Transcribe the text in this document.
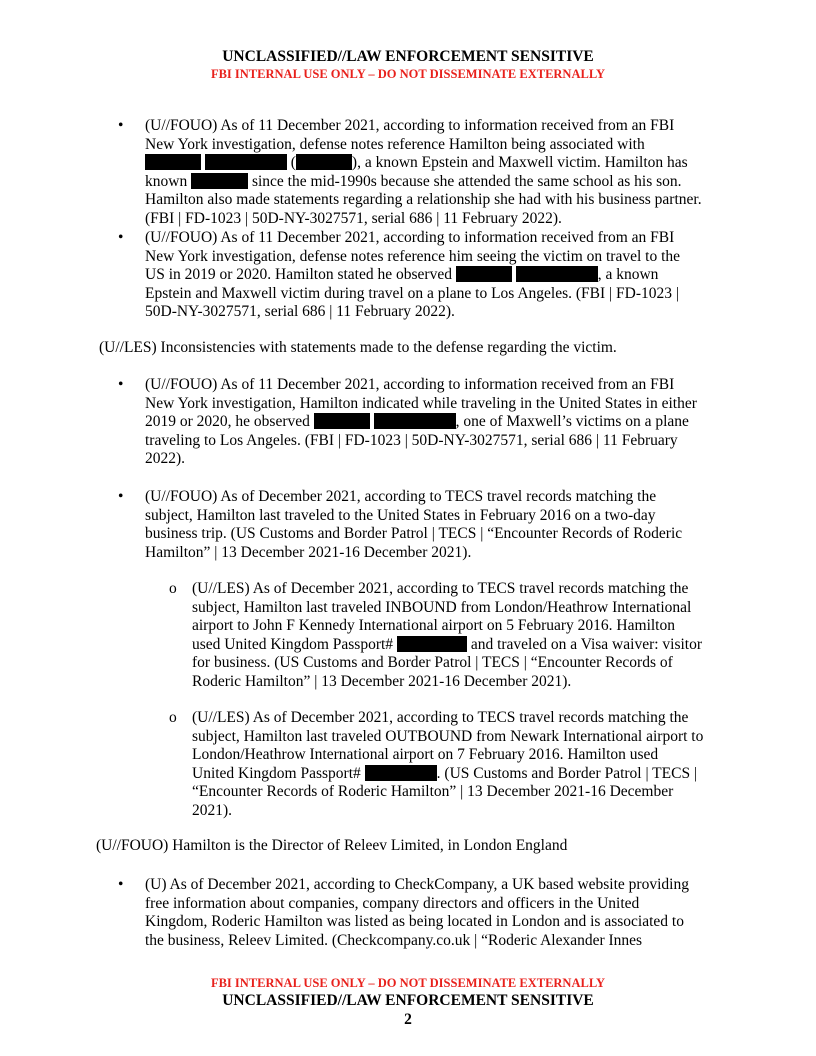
UNCLASSIFIED//LAW ENFORCEMENT SENSITIVE
FBI INTERNAL USE ONLY – DO NOT DISSEMINATE EXTERNALLY
• (U//FOUO) As of 11 December 2021, according to information received from an FBI
New York investigation, defense notes reference Hamilton being associated with
(	), a known Epstein and Maxwell victim. Hamilton has
known	since the mid-1990s because she attended the same school as his son.
Hamilton also made statements regarding a relationship she had with his business partner.
(FBI | FD-1023 | 50D-NY-3027571, serial 686 | 11 February 2022).
• (U//FOUO) As of 11 December 2021, according to information received from an FBI
New York investigation, defense notes reference him seeing the victim on travel to the
US in 2019 or 2020. Hamilton stated he observed	, a known
Epstein and Maxwell victim during travel on a plane to Los Angeles. (FBI | FD-1023 |
50D-NY-3027571, serial 686 | 11 February 2022).
(U//LES) Inconsistencies with statements made to the defense regarding the victim.
• (U//FOUO) As of 11 December 2021, according to information received from an FBI
New York investigation, Hamilton indicated while traveling in the United States in either
2019 or 2020, he observed	, one of Maxwell’s victims on a plane
traveling to Los Angeles. (FBI | FD-1023 | 50D-NY-3027571, serial 686 | 11 February
2022).
• (U//FOUO) As of December 2021, according to TECS travel records matching the
subject, Hamilton last traveled to the United States in February 2016 on a two-day
business trip. (US Customs and Border Patrol | TECS | “Encounter Records of Roderic
Hamilton” | 13 December 2021-16 December 2021).
o (U//LES) As of December 2021, according to TECS travel records matching the
subject, Hamilton last traveled INBOUND from London/Heathrow International
airport to John F Kennedy International airport on 5 February 2016. Hamilton
used United Kingdom Passport#	and traveled on a Visa waiver: visitor
for business. (US Customs and Border Patrol | TECS | “Encounter Records of
Roderic Hamilton” | 13 December 2021-16 December 2021).
o (U//LES) As of December 2021, according to TECS travel records matching the
subject, Hamilton last traveled OUTBOUND from Newark International airport to
London/Heathrow International airport on 7 February 2016. Hamilton used
United Kingdom Passport#	. (US Customs and Border Patrol | TECS |
“Encounter Records of Roderic Hamilton” | 13 December 2021-16 December
2021).
(U//FOUO) Hamilton is the Director of Releev Limited, in London England
• (U) As of December 2021, according to CheckCompany, a UK based website providing
free information about companies, company directors and officers in the United
Kingdom, Roderic Hamilton was listed as being located in London and is associated to
the business, Releev Limited. (Checkcompany.co.uk | “Roderic Alexander Innes
FBI INTERNAL USE ONLY – DO NOT DISSEMINATE EXTERNALLY
UNCLASSIFIED//LAW ENFORCEMENT SENSITIVE
2
